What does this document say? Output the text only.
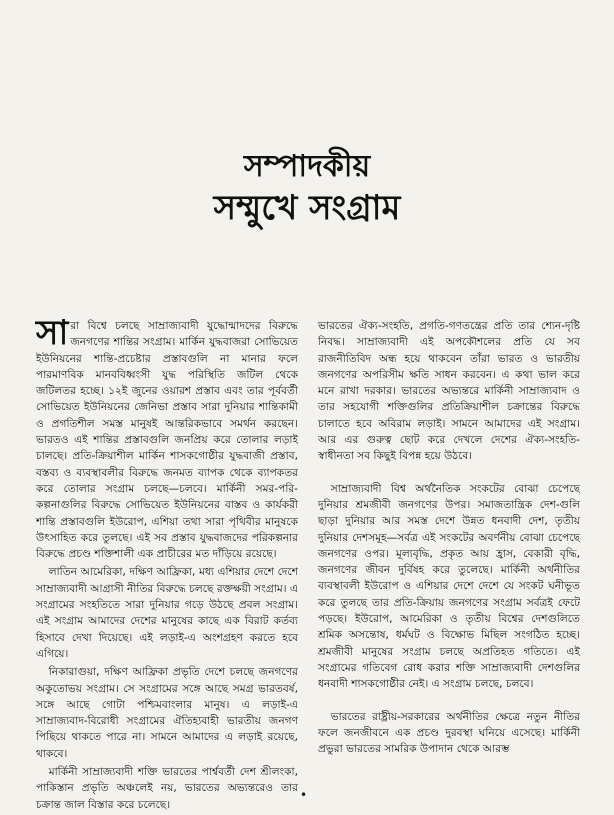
সম্পাদকীয়
সম্মুখে সংগ্রাম

সারা বিশ্বে চলছে সাম্রাজ্যবাদী যুদ্ধোন্মাদদের বিরুদ্ধে জনগণের শান্তির সংগ্রাম। মার্কিন যুদ্ধবাজরা সোভিয়েত ইউনিয়নের শান্তি-প্রচেষ্টার প্রস্তাবগুলি না মানার ফলে পারমাণবিক মানববিধ্বংসী যুদ্ধ পরিস্থিতি জটিল থেকে জটিলতর হচ্ছে। ১২ই জুনের ওয়ারশ প্রস্তাব এবং তার পূর্ববর্তী সোভিয়েত ইউনিয়নের জেনিভা প্রস্তাব সারা দুনিয়ার শান্তিকামী ও প্রগতিশীল সমস্ত মানুষই আন্তরিকভাবে সমর্থন করছেন। ভারতও এই শান্তির প্রস্তাবগুলি জনপ্রিয় করে তোলার লড়াই চালছে। প্রতি-ক্রিয়াশীল মার্কিন শাসকগোষ্ঠীর যুদ্ধবাজী প্রস্তাব, বস্তব্য ও ব্যবস্থাবলীর বিরুদ্ধে জনমত ব্যাপক থেকে ব্যাপকতর করে তোলার সংগ্রাম চলছে—চলবে। মার্কিনী সমর-পরি-কল্পনাগুলির বিরুদ্ধে সোভিয়েত ইউনিয়নের বাস্তব ও কার্যকরী শান্তি প্রস্তাবগুলি ইউরোপ, এশিয়া তথা সারা পৃথিবীর মানুষকে উৎসাহিত করে তুলছে। এই সব প্রস্তাব যুদ্ধবাজদের পরিকল্পনার বিরুদ্ধে প্রচণ্ড শক্তিশালী এক প্রাচীরের মত দাঁড়িয়ে রয়েছে।

লাতিন আমেরিকা, দক্ষিণ আফ্রিকা, মধ্য এশিয়ার দেশে দেশে সাম্রাজ্যবাদী আগ্রাসী নীতির বিরুদ্ধে চলছে রক্তক্ষয়ী সংগ্রাম। এ সংগ্রামের সংহতিতে সারা দুনিয়ার গড়ে উঠছে প্রবল সংগ্রাম। এই সংগ্রাম আমাদের দেশের মানুষের কাছে এক বিরাট কর্তব্য হিসাবে দেখা দিয়েছে। এই লড়াই-এ অংশগ্রহণ করতে হবে এগিয়ে।

নিকারাগুয়া, দক্ষিণ আফ্রিকা প্রভৃতি দেশে চলছে জনগণের অকুতোভয় সংগ্রাম। সে সংগ্রামের সঙ্গে আছে সমগ্র ভারতবর্ষ, সঙ্গে আছে গোটা পশ্চিমবাংলার মানুষ। এ লড়াই-এ সাম্রাজ্যবাদ-বিরোধী সংগ্রামের ঐতিহ্যবাহী ভারতীয় জনগণ পিছিয়ে থাকতে পারে না। সামনে আমাদের এ লড়াই রয়েছে, থাকবে।

মার্কিনী সাম্রাজ্যবাদী শক্তি ভারতের পার্শ্ববর্তী দেশ শ্রীলংকা, পাকিস্তান প্রভৃতি অঞ্চলেই নয়, ভারতের অভ্যন্তরেও তার চক্রান্ত জাল বিস্তার করে চলেছে।

ভারতের ঐক্য-সংহতি, প্রগতি-গণতন্ত্রের প্রতি তার শ্যেন-দৃষ্টি নিবদ্ধ। সাম্রাজ্যবাদী এই অপকৌশলের প্রতি যে সব রাজনীতিবিদ অন্ধ হয়ে থাকবেন তাঁরা ভারত ও ভারতীয় জনগণের অপরিসীম ক্ষতি সাধন করবেন। এ কথা ভাল করে মনে রাখা দরকার। ভারতের অভ্যন্তরে মার্কিনী সাম্রাজ্যবাদ ও তার সহযোগী শক্তিগুলির প্রতিক্রিয়াশীল চক্রান্তের বিরুদ্ধে চালাতে হবে অবিরাম লড়াই। সামনে আমাদের এই সংগ্রাম। আর এর গুরুত্ব ছোট করে দেখলে দেশের ঐক্য-সংহতি-স্বাধীনতা সব কিছুই বিপন্ন হয়ে উঠবে।

সাম্রাজ্যবাদী বিশ্ব অর্থনৈতিক সংকটের বোঝা চেপেছে দুনিয়ার শ্রমজীবী জনগণের উপর। সমাজতান্ত্রিক দেশ-গুলি ছাড়া দুনিয়ার আর সমস্ত দেশে উন্নত ধনবাদী দেশ, তৃতীয় দুনিয়ার দেশসমূহ—সর্বত্র এই সংকটের অবর্ণনীয় বোঝা চেপেছে জনগণের ওপর। মূল্যবৃদ্ধি, প্রকৃত আয় হ্রাস, বেকারী বৃদ্ধি, জনগণের জীবন দুর্বিষহ করে তুলেছে। মার্কিনী অর্থনীতির ব্যবস্থাবলী ইউরোপ ও এশিয়ার দেশে দেশে যে সংকট ঘনীভূত করে তুলছে তার প্রতি-ক্রিয়ায় জনগণের সংগ্রাম সর্বত্রই ফেটে পড়ছে। ইউরোপ, আমেরিকা ও তৃতীয় বিশ্বের দেশগুলিতে শ্রমিক অসন্তোষ, ধর্মঘট ও বিক্ষোভ মিছিল সংগঠিত হচ্ছে। শ্রমজীবী মানুষের সংগ্রাম চলছে অপ্রতিহত গতিতে। এই সংগ্রামের গতিবেগ রোধ করার শক্তি সাম্রাজ্যবাদী দেশগুলির ধনবাদী শাসকগোষ্ঠীর নেই। এ সংগ্রাম চলছে, চলবে।

ভারতের রাষ্ট্রীয়-সরকারের অর্থনীতির ক্ষেত্রে নতুন নীতির ফলে জনজীবনে এক প্রচণ্ড দুরবস্থা ঘনিয়ে এসেছে। মার্কিনী প্রভুরা ভারতের সামরিক উপাদান থেকে আরম্ভ

•
